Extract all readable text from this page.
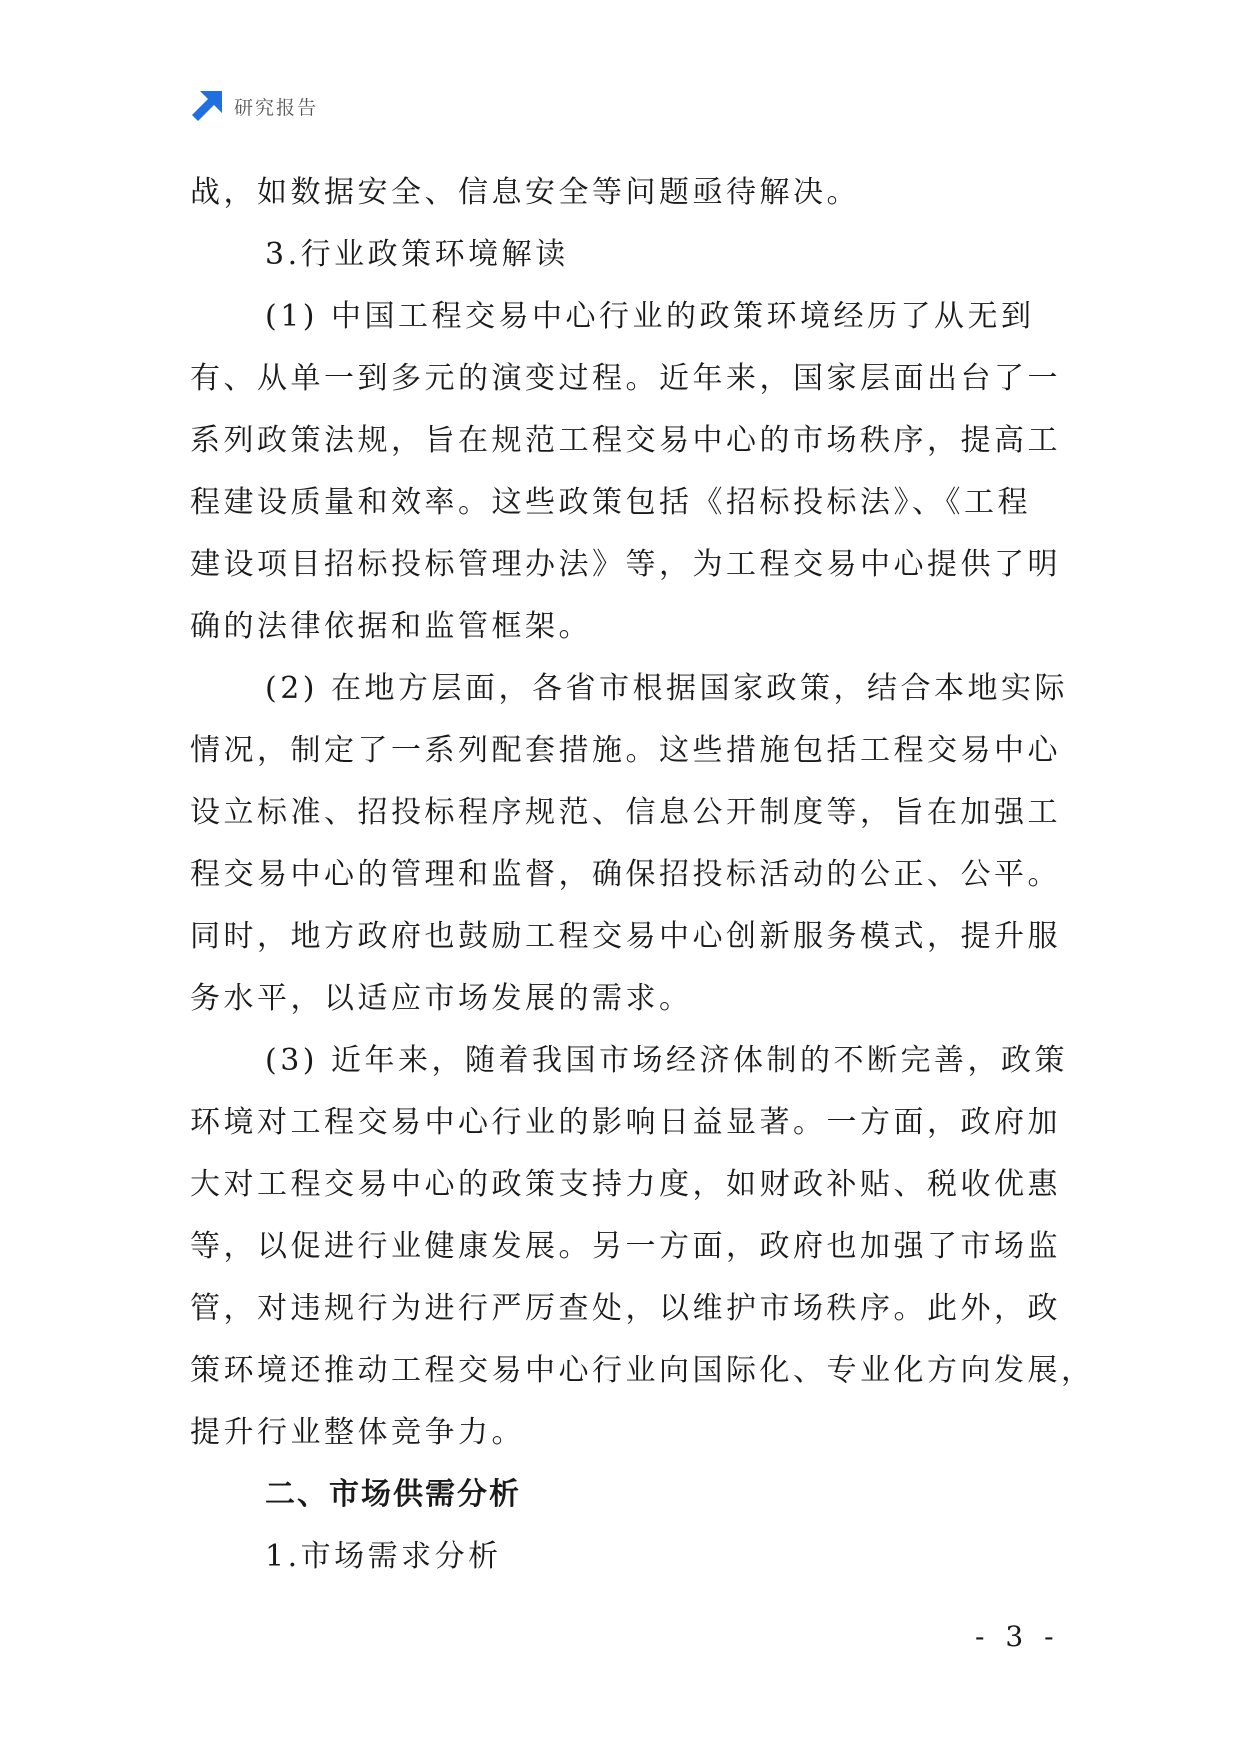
研究报告
战，如数据安全、信息安全等问题亟待解决。
3.行业政策环境解读
(1) 中国工程交易中心行业的政策环境经历了从无到
有、从单一到多元的演变过程。近年来，国家层面出台了一
系列政策法规，旨在规范工程交易中心的市场秩序，提高工
程建设质量和效率。这些政策包括《招标投标法》、《工程
建设项目招标投标管理办法》等，为工程交易中心提供了明
确的法律依据和监管框架。
(2) 在地方层面，各省市根据国家政策，结合本地实际
情况，制定了一系列配套措施。这些措施包括工程交易中心
设立标准、招投标程序规范、信息公开制度等，旨在加强工
程交易中心的管理和监督，确保招投标活动的公正、公平。
同时，地方政府也鼓励工程交易中心创新服务模式，提升服
务水平，以适应市场发展的需求。
(3) 近年来，随着我国市场经济体制的不断完善，政策
环境对工程交易中心行业的影响日益显著。一方面，政府加
大对工程交易中心的政策支持力度，如财政补贴、税收优惠
等，以促进行业健康发展。另一方面，政府也加强了市场监
管，对违规行为进行严厉查处，以维护市场秩序。此外，政
策环境还推动工程交易中心行业向国际化、专业化方向发展，
提升行业整体竞争力。
二、市场供需分析
1.市场需求分析
- 3 -
